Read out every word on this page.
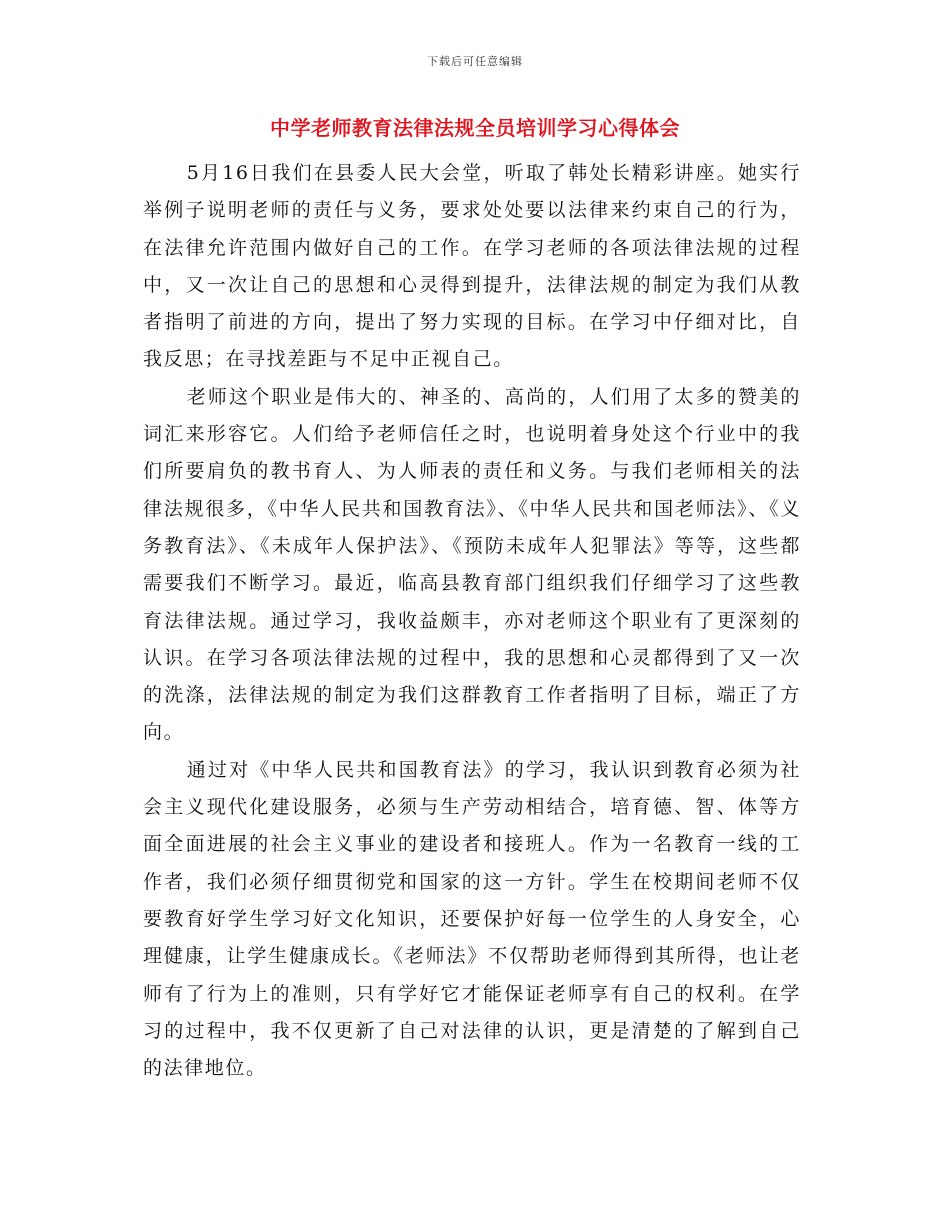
下载后可任意编辑
中学老师教育法律法规全员培训学习心得体会

5月16日我们在县委人民大会堂，听取了韩处长精彩讲座。她实行举例子说明老师的责任与义务，要求处处要以法律来约束自己的行为，在法律允许范围内做好自己的工作。在学习老师的各项法律法规的过程中，又一次让自己的思想和心灵得到提升，法律法规的制定为我们从教者指明了前进的方向，提出了努力实现的目标。在学习中仔细对比，自我反思；在寻找差距与不足中正视自己。

老师这个职业是伟大的、神圣的、高尚的，人们用了太多的赞美的词汇来形容它。人们给予老师信任之时，也说明着身处这个行业中的我们所要肩负的教书育人、为人师表的责任和义务。与我们老师相关的法律法规很多，《中华人民共和国教育法》、《中华人民共和国老师法》、《义务教育法》、《未成年人保护法》、《预防未成年人犯罪法》等等，这些都需要我们不断学习。最近，临高县教育部门组织我们仔细学习了这些教育法律法规。通过学习，我收益颇丰，亦对老师这个职业有了更深刻的认识。在学习各项法律法规的过程中，我的思想和心灵都得到了又一次的洗涤，法律法规的制定为我们这群教育工作者指明了目标，端正了方向。

通过对《中华人民共和国教育法》的学习，我认识到教育必须为社会主义现代化建设服务，必须与生产劳动相结合，培育德、智、体等方面全面进展的社会主义事业的建设者和接班人。作为一名教育一线的工作者，我们必须仔细贯彻党和国家的这一方针。学生在校期间老师不仅要教育好学生学习好文化知识，还要保护好每一位学生的人身安全，心理健康，让学生健康成长。《老师法》不仅帮助老师得到其所得，也让老师有了行为上的准则，只有学好它才能保证老师享有自己的权利。在学习的过程中，我不仅更新了自己对法律的认识，更是清楚的了解到自己的法律地位。
